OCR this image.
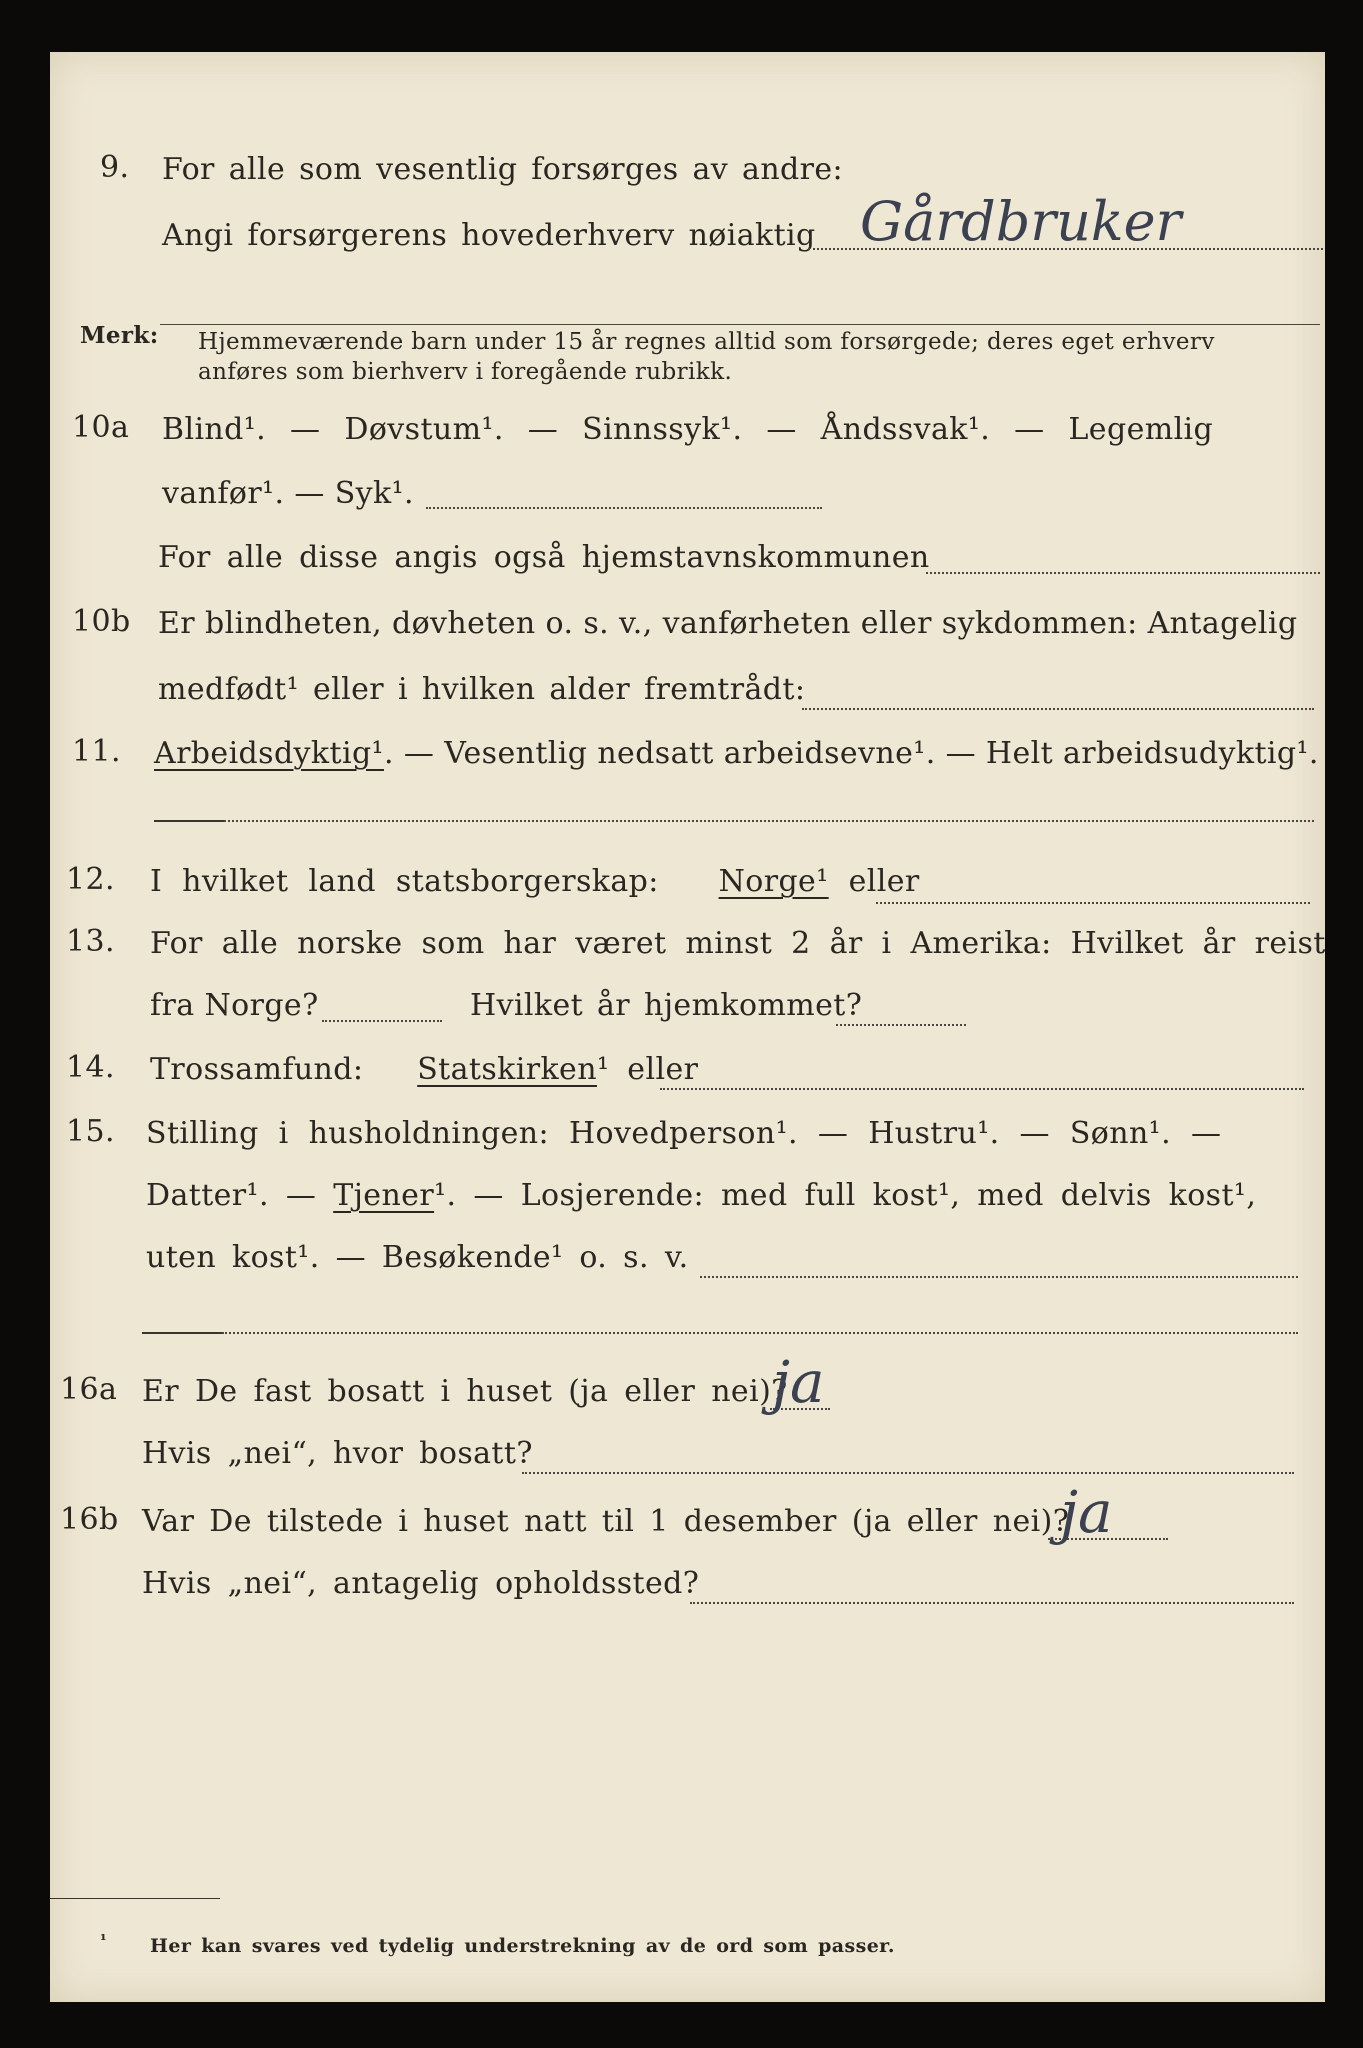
9. For alle som vesentlig forsørges av andre:
Angi forsørgerens hovederhverv nøiaktig Gårdbruker
Merk: Hjemmeværende barn under 15 år regnes alltid som forsørgede; deres eget erhverv
anføres som bierhverv i foregående rubrikk.
10a Blind¹. — Døvstum¹. — Sinnssyk¹. — Åndssvak¹. — Legemlig
vanfør¹. — Syk¹.
For alle disse angis også hjemstavnskommunen
10b Er blindheten, døvheten o. s. v., vanførheten eller sykdommen: Antagelig
medfødt¹ eller i hvilken alder fremtrådt:
11. Arbeidsdyktig¹. — Vesentlig nedsatt arbeidsevne¹. — Helt arbeidsudyktig¹.
12. I hvilket land statsborgerskap: Norge¹ eller
13. For alle norske som har været minst 2 år i Amerika: Hvilket år reist
fra Norge?	Hvilket år hjemkommet?
14. Trossamfund: Statskirken¹ eller
15. Stilling i husholdningen: Hovedperson¹. — Hustru¹. — Sønn¹. —
Datter¹. — Tjener¹. — Losjerende: med full kost¹, med delvis kost¹,
uten kost¹. — Besøkende¹ o. s. v.
16a Er De fast bosatt i huset (ja eller nei)?
ja
Hvis „nei“, hvor bosatt?
16b Var De tilstede i huset natt til 1 desember (ja eller nei)?
ja
Hvis „nei“, antagelig opholdssted?
¹ Her kan svares ved tydelig understrekning av de ord som passer.
